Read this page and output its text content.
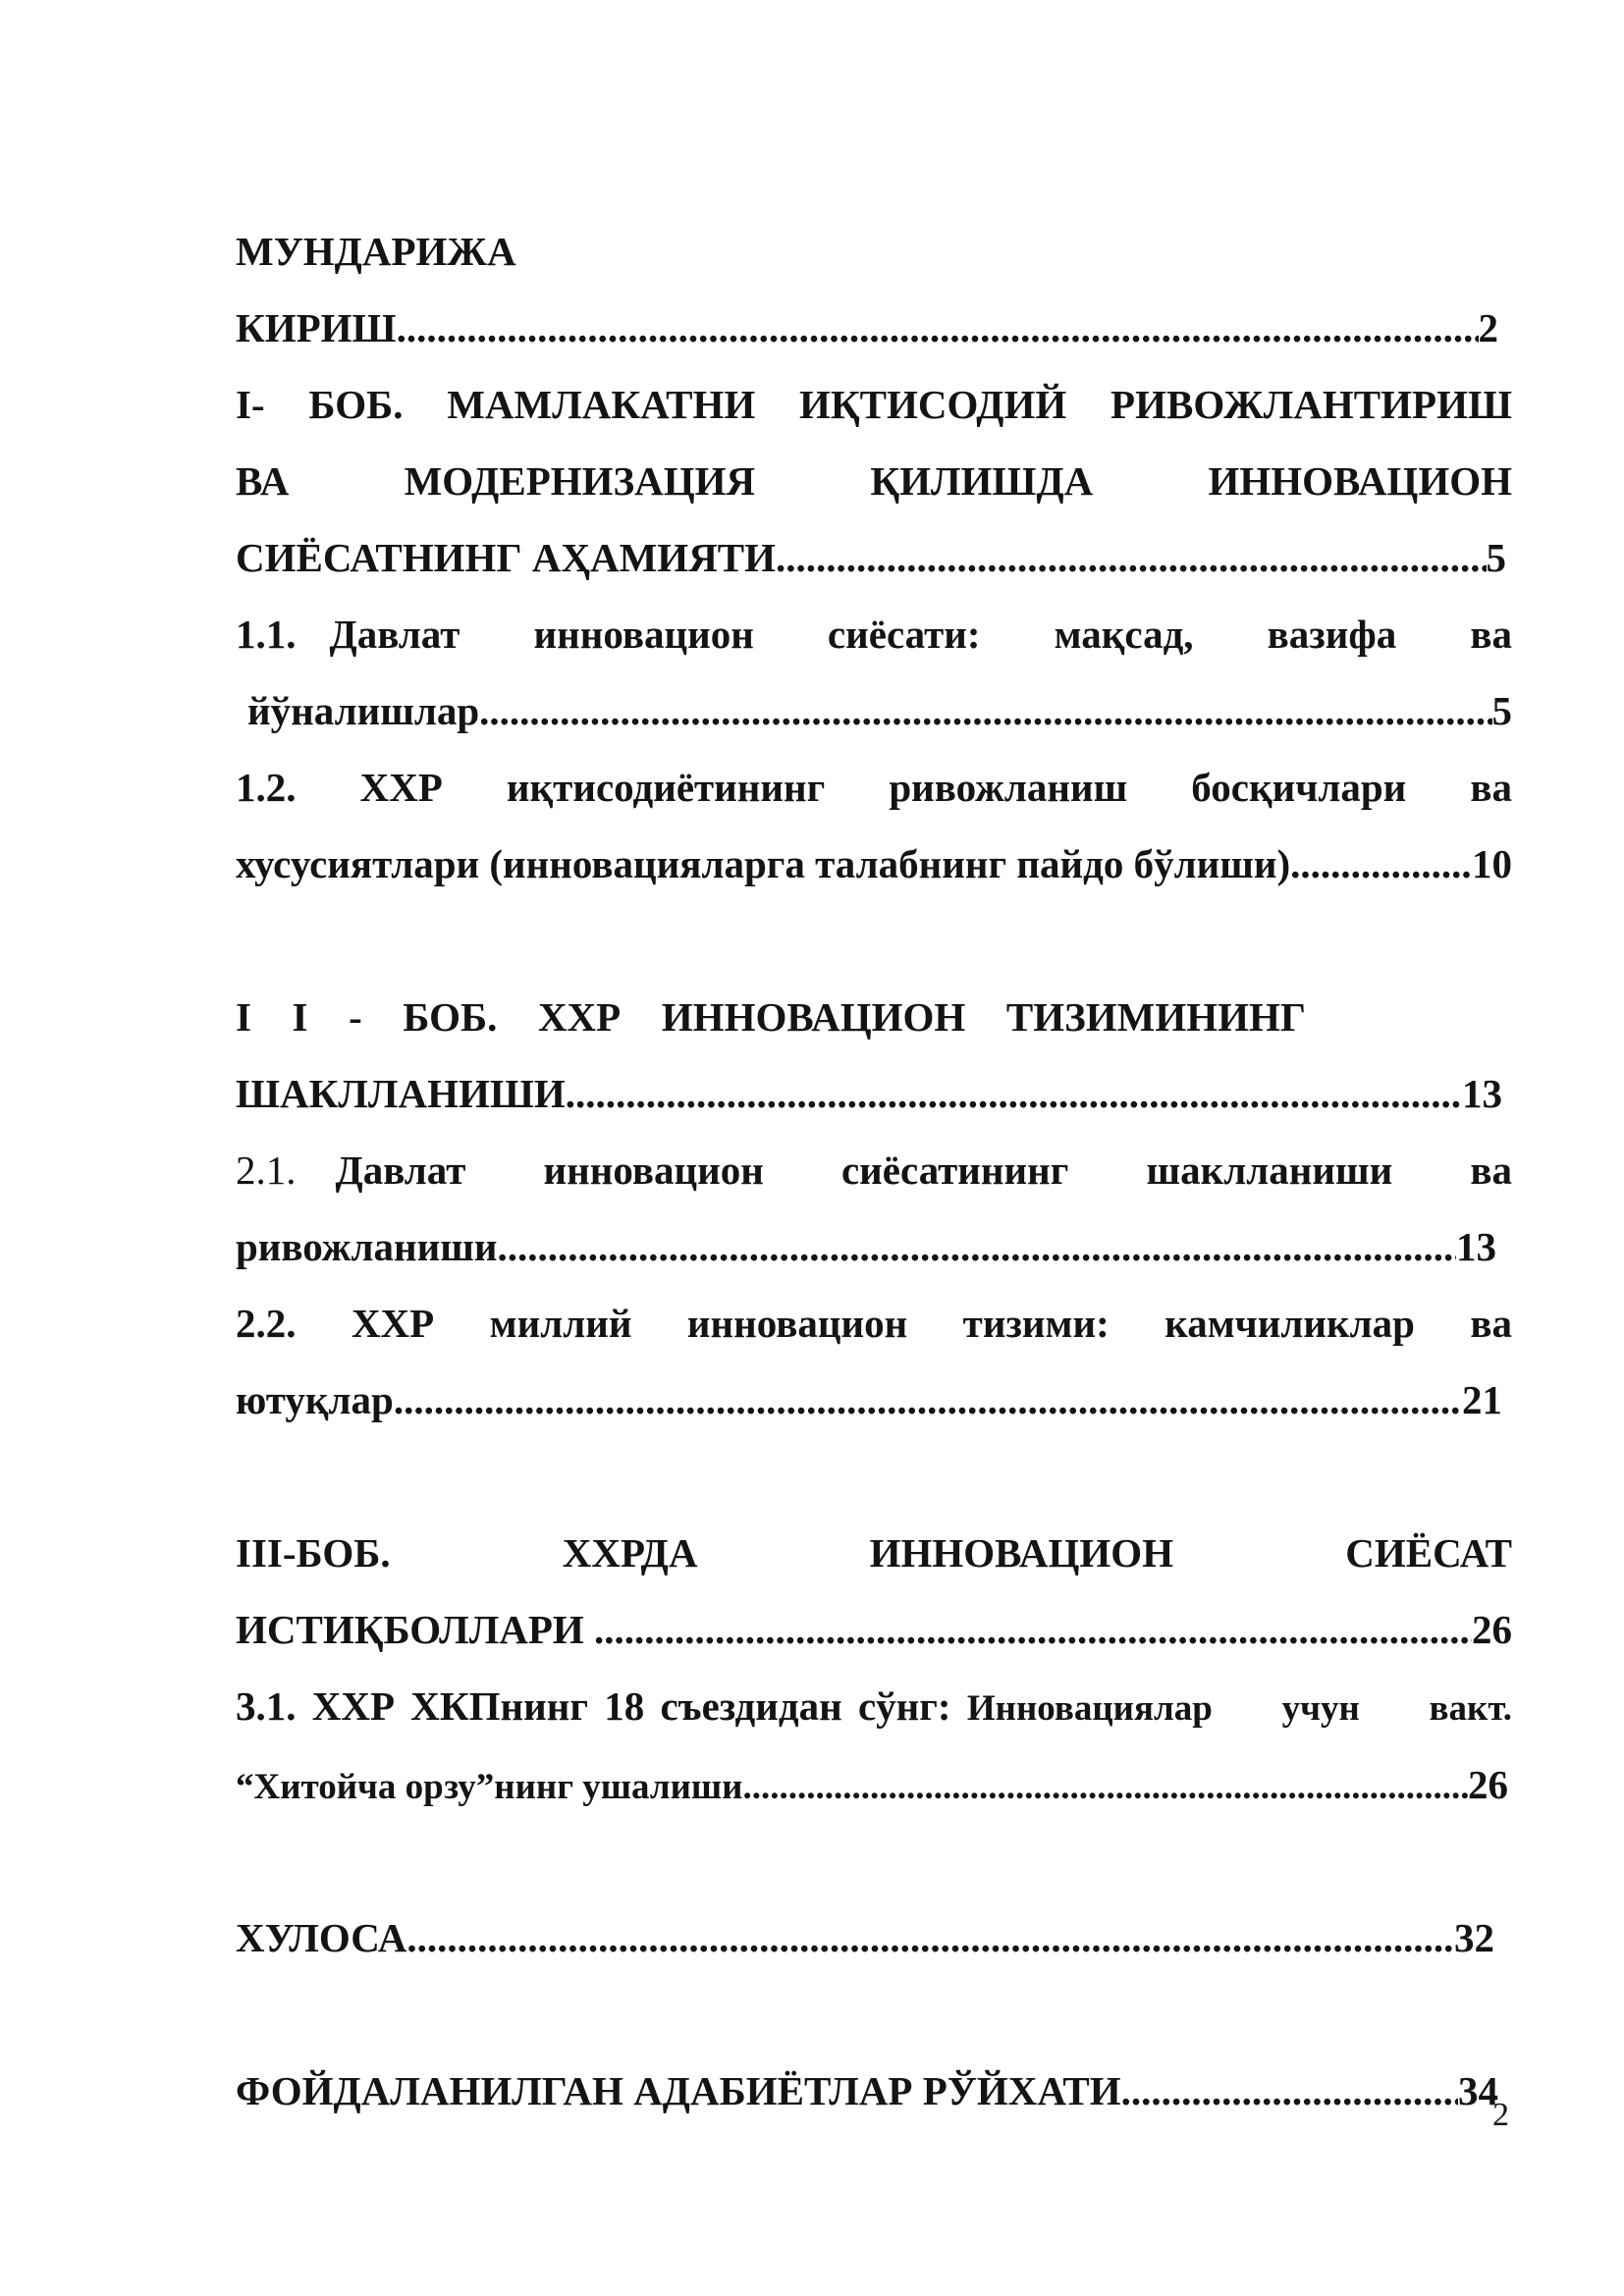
МУНДАРИЖА
КИРИШ .....	2
I- БОБ. МАМЛАКАТНИ ИҚТИСОДИЙ РИВОЖЛАНТИРИШ
ВА МОДЕРНИЗАЦИЯ ҚИЛИШДА ИННОВАЦИОН
СИЁСАТНИНГ АҲАМИЯТИ .....	5
1.1. Давлат инновацион сиёсати: мақсад, вазифа ва
йўналишлар .....	5
1.2. ХХР иқтисодиётининг ривожланиш босқичлари ва
хусусиятлари (инновацияларга талабнинг пайдо бўлиши) .....	10
I I - БОБ. ХХР ИННОВАЦИОН ТИЗИМИНИНГ
ШАКЛЛАНИШИ .....	13
2.1. Давлат инновацион сиёсатининг шаклланиши ва
ривожланиши .....	13
2.2. ХХР миллий инновацион тизими: камчиликлар ва
ютуқлар .....	21
III-БОБ. ХХРДА ИННОВАЦИОН СИЁСАТ
ИСТИҚБОЛЛАРИ .....	26
3.1. ХХР ХКПнинг 18 съездидан сўнг: Инновациялар учун вакт.
“Хитойча орзу”нинг ушалиши .....	26
ХУЛОСА .....	32
ФОЙДАЛАНИЛГАН АДАБИЁТЛАР РЎЙХАТИ .....	34
2
